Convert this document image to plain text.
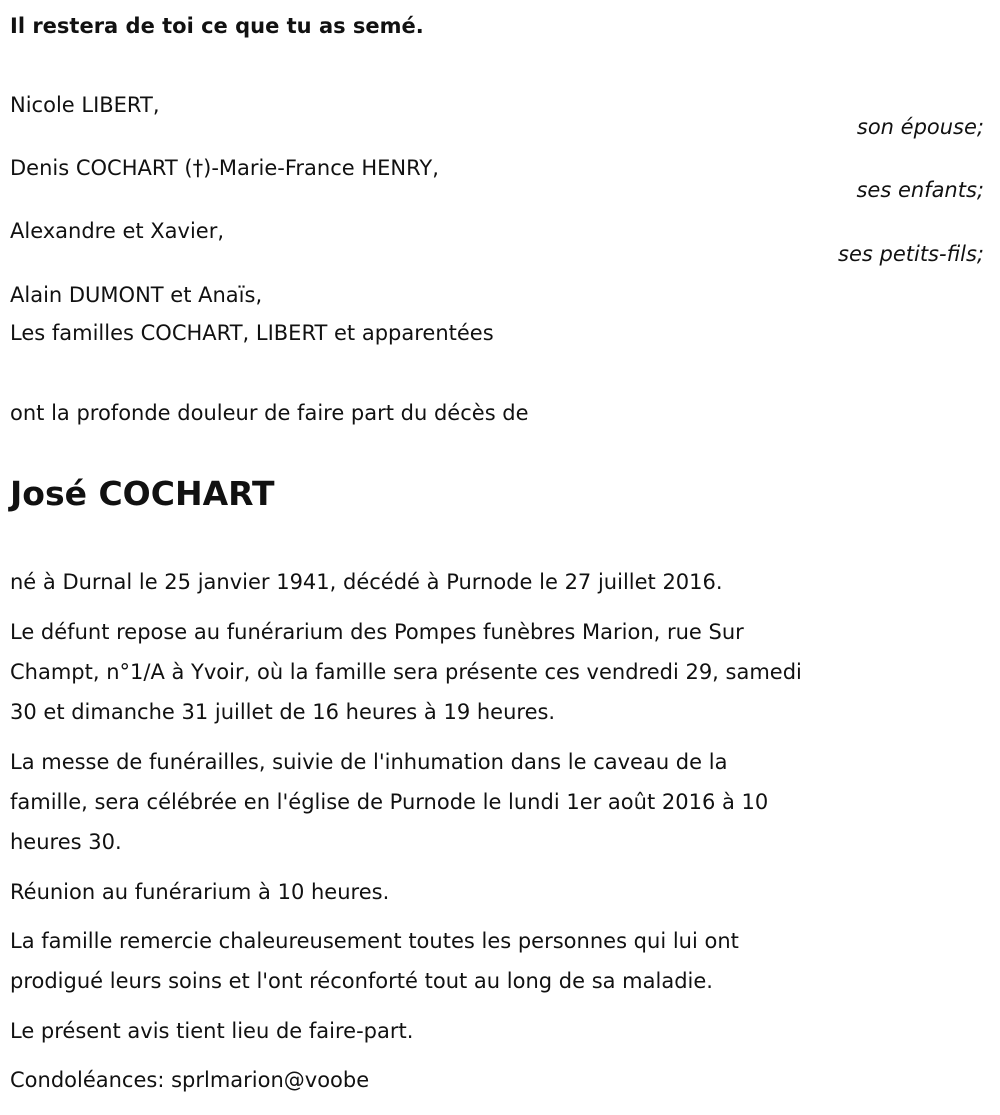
Il restera de toi ce que tu as semé.
Nicole LIBERT,
son épouse;
Denis COCHART (†)-Marie-France HENRY,
ses enfants;
Alexandre et Xavier,
ses petits-fils;
Alain DUMONT et Anaïs,
Les familles COCHART, LIBERT et apparentées
ont la profonde douleur de faire part du décès de
José COCHART
né à Durnal le 25 janvier 1941, décédé à Purnode le 27 juillet 2016.
Le défunt repose au funérarium des Pompes funèbres Marion, rue Sur
Champt, n°1/A à Yvoir, où la famille sera présente ces vendredi 29, samedi
30 et dimanche 31 juillet de 16 heures à 19 heures.
La messe de funérailles, suivie de l'inhumation dans le caveau de la
famille, sera célébrée en l'église de Purnode le lundi 1er août 2016 à 10
heures 30.
Réunion au funérarium à 10 heures.
La famille remercie chaleureusement toutes les personnes qui lui ont
prodigué leurs soins et l'ont réconforté tout au long de sa maladie.
Le présent avis tient lieu de faire-part.
Condoléances: sprlmarion@voobe
